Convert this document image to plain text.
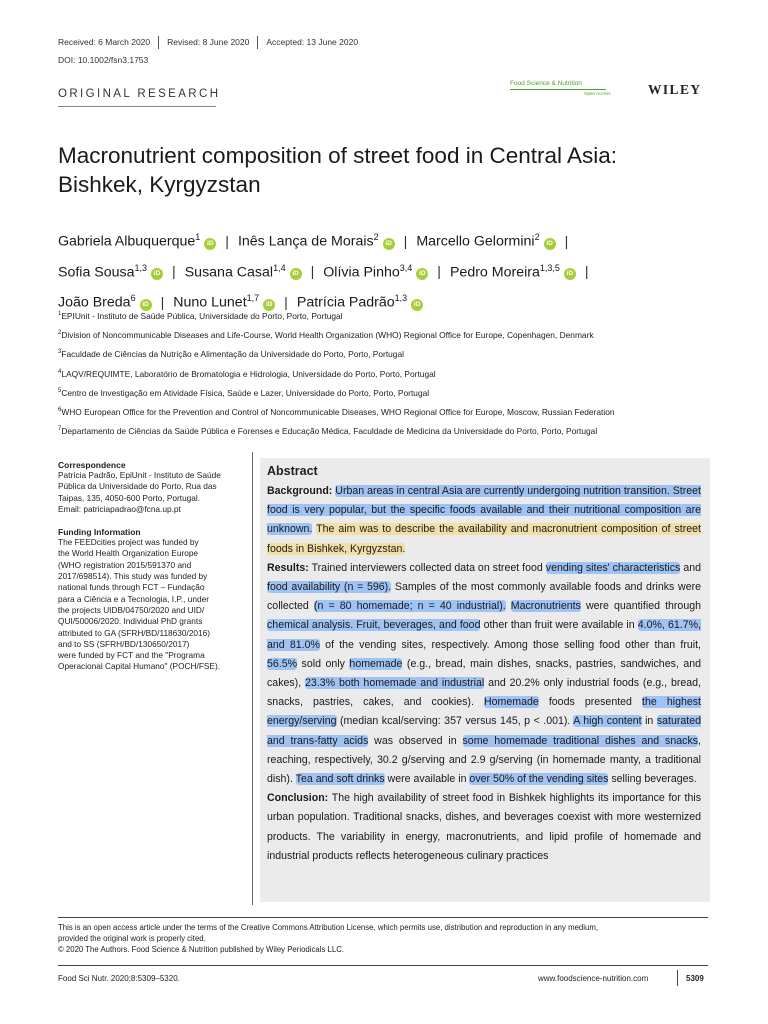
Received: 6 March 2020 Revised: 8 June 2020 Accepted: 13 June 2020
DOI: 10.1002/fsn3.1753
ORIGINAL RESEARCH
Food Science & Nutrition
Open Access	WILEY
Macronutrient composition of street food in Central Asia:
Bishkek, Kyrgyzstan
Gabriela Albuquerque$^1$iD | Inês Lança de Morais$^2$iD | Marcello Gelormini$^2$iD |
Sofia Sousa$^{1,3}$iD | Susana Casal$^{1,4}$iD | Olívia Pinho$^{3,4}$iD | Pedro Moreira$^{1,3,5}$iD |
João Breda$^6$iD | Nuno Lunet$^{1,7}$iD | Patrícia Padrão$^{1,3}$iD
$^1$EPIUnit - Instituto de Saúde Pública, Universidade do Porto, Porto, Portugal
$^2$Division of Noncommunicable Diseases and Life-Course, World Health Organization (WHO) Regional Office for Europe, Copenhagen, Denmark
$^3$Faculdade de Ciências da Nutrição e Alimentação da Universidade do Porto, Porto, Portugal
$^4$LAQV/REQUIMTE, Laboratório de Bromatologia e Hidrologia, Universidade do Porto, Porto, Portugal
$^5$Centro de Investigação em Atividade Física, Saúde e Lazer, Universidade do Porto, Porto, Portugal
$^6$WHO European Office for the Prevention and Control of Noncommunicable Diseases, WHO Regional Office for Europe, Moscow, Russian Federation
$^7$Departamento de Ciências da Saúde Pública e Forenses e Educação Médica, Faculdade de Medicina da Universidade do Porto, Porto, Portugal
Correspondence
Patrícia Padrão, EpiUnit - Instituto de Saúde
Pública da Universidade do Porto, Rua das
Taipas, 135, 4050-600 Porto, Portugal.
Email: patriciapadrao@fcna.up.pt
Funding Information
The FEEDcities project was funded by
the World Health Organization Europe
(WHO registration 2015/591370 and
2017/698514). This study was funded by
national funds through FCT – Fundação
para a Ciência e a Tecnologia, I.P., under
the projects UIDB/04750/2020 and UID/
QUI/50006/2020. Individual PhD grants
attributed to GA (SFRH/BD/118630/2016)
and to SS (SFRH/BD/130650/2017)
were funded by FCT and the "Programa
Operacional Capital Humano" (POCH/FSE).
Abstract
Background: Urban areas in central Asia are currently undergoing nutrition transition. Street food is very popular, but the specific foods available and their nutritional composition are unknown. The aim was to describe the availability and macronutrient composition of street foods in Bishkek, Kyrgyzstan.
Results: Trained interviewers collected data on street food vending sites' characteristics and food availability (n = 596). Samples of the most commonly available foods and drinks were collected (n = 80 homemade; n = 40 industrial). Macronutrients were quantified through chemical analysis. Fruit, beverages, and food other than fruit were available in 4.0%, 61.7%, and 81.0% of the vending sites, respectively. Among those selling food other than fruit, 56.5% sold only homemade (e.g., bread, main dishes, snacks, pastries, sandwiches, and cakes), 23.3% both homemade and industrial and 20.2% only industrial foods (e.g., bread, snacks, pastries, cakes, and cookies). Homemade foods presented the highest energy/serving (median kcal/serving: 357 versus 145, p < .001). A high content in saturated and trans-fatty acids was observed in some homemade traditional dishes and snacks, reaching, respectively, 30.2 g/serving and 2.9 g/serving (in homemade manty, a traditional dish). Tea and soft drinks were available in over 50% of the vending sites selling beverages.
Conclusion: The high availability of street food in Bishkek highlights its importance for this urban population. Traditional snacks, dishes, and beverages coexist with more westernized products. The variability in energy, macronutrients, and lipid profile of homemade and industrial products reflects heterogeneous culinary practices
This is an open access article under the terms of the Creative Commons Attribution License, which permits use, distribution and reproduction in any medium,
provided the original work is properly cited.
© 2020 The Authors. Food Science & Nutrition published by Wiley Periodicals LLC.
Food Sci Nutr. 2020;8:5309–5320.	www.foodscience-nutrition.com	5309
